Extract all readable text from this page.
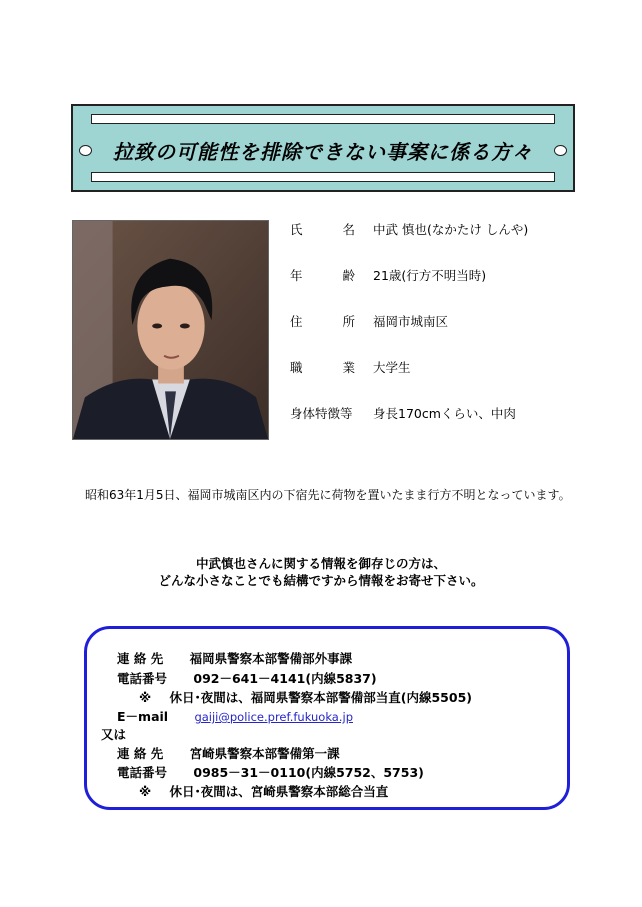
拉致の可能性を排除できない事案に係る方々
氏	名 中武 慎也(なかたけ しんや)
年	齢 21歳(行方不明当時)
住	所 福岡市城南区
職	業 大学生
身体特徴等	身長170cmくらい、中肉
　昭和63年1月5日、福岡市城南区内の下宿先に荷物を置いたまま行方不明となっています。
中武慎也さんに関する情報を御存じの方は、
どんな小さなことでも結構ですから情報をお寄せ下さい。
連 絡 先 福岡県警察本部警備部外事課
電話番号 092－641－4141(内線5837)
※ 休日･夜間は、福岡県警察本部警備部当直(内線5505)
E－mail gaiji@police.pref.fukuoka.jp
又は
連 絡 先 宮崎県警察本部警備第一課
電話番号 0985－31－0110(内線5752、5753)
※ 休日･夜間は、宮崎県警察本部総合当直
